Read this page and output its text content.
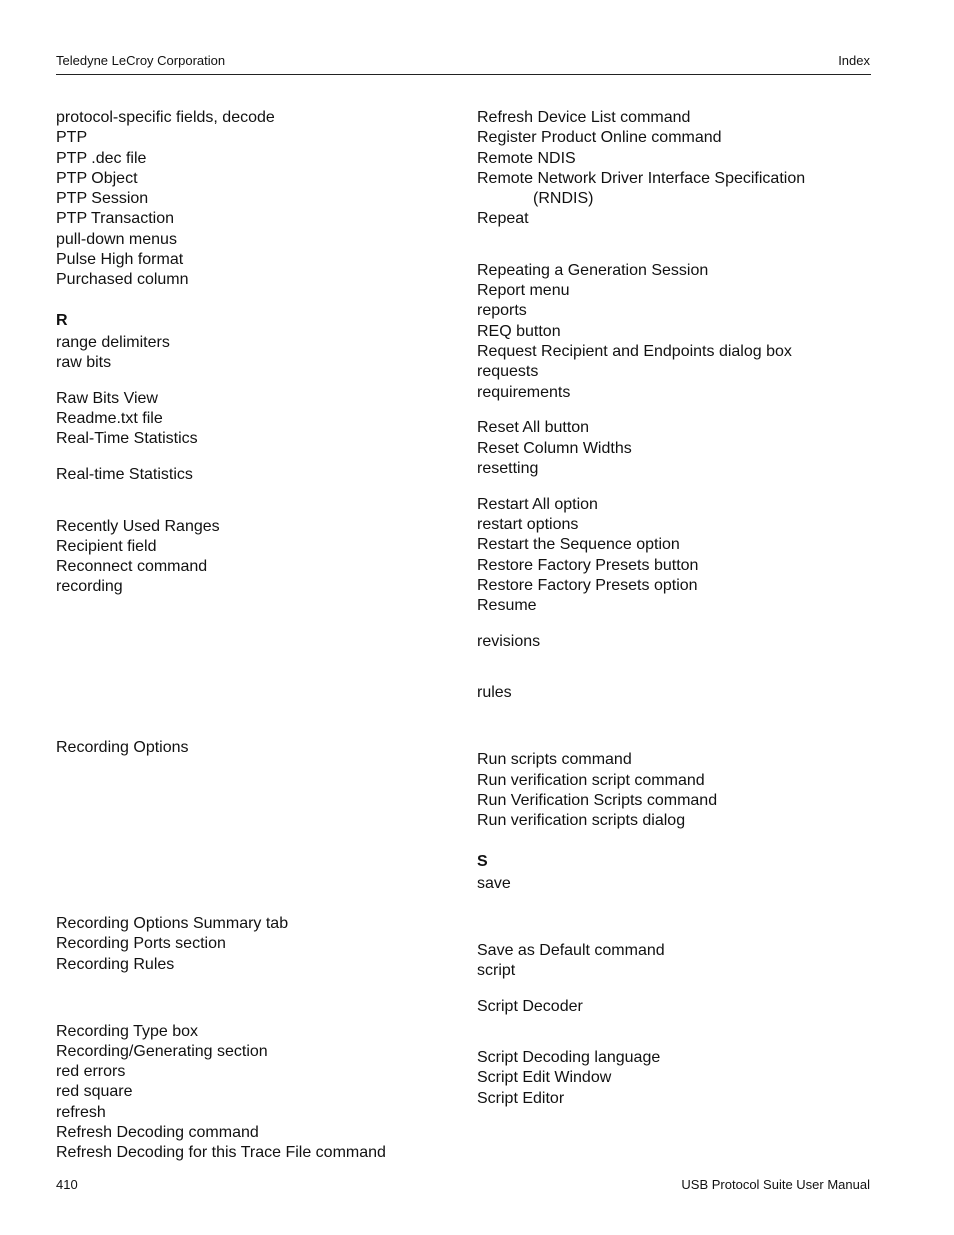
Teledyne LeCroy Corporation	Index
protocol-specific fields, decode
PTP
PTP .dec file
PTP Object
PTP Session
PTP Transaction
pull-down menus
Pulse High format
Purchased column
R
range delimiters
raw bits
Raw Bits View
Readme.txt file
Real-Time Statistics
Real-time Statistics
Recently Used Ranges
Recipient field
Reconnect command
recording
Recording Options
Recording Options Summary tab
Recording Ports section
Recording Rules
Recording Type box
Recording/Generating section
red errors
red square
refresh
Refresh Decoding command
Refresh Decoding for this Trace File command
Refresh Device List command
Register Product Online command
Remote NDIS
Remote Network Driver Interface Specification
(RNDIS)
Repeat
Repeating a Generation Session
Report menu
reports
REQ button
Request Recipient and Endpoints dialog box
requests
requirements
Reset All button
Reset Column Widths
resetting
Restart All option
restart options
Restart the Sequence option
Restore Factory Presets button
Restore Factory Presets option
Resume
revisions
rules
Run scripts command
Run verification script command
Run Verification Scripts command
Run verification scripts dialog
S
save
Save as Default command
script
Script Decoder
Script Decoding language
Script Edit Window
Script Editor
410	USB Protocol Suite User Manual
